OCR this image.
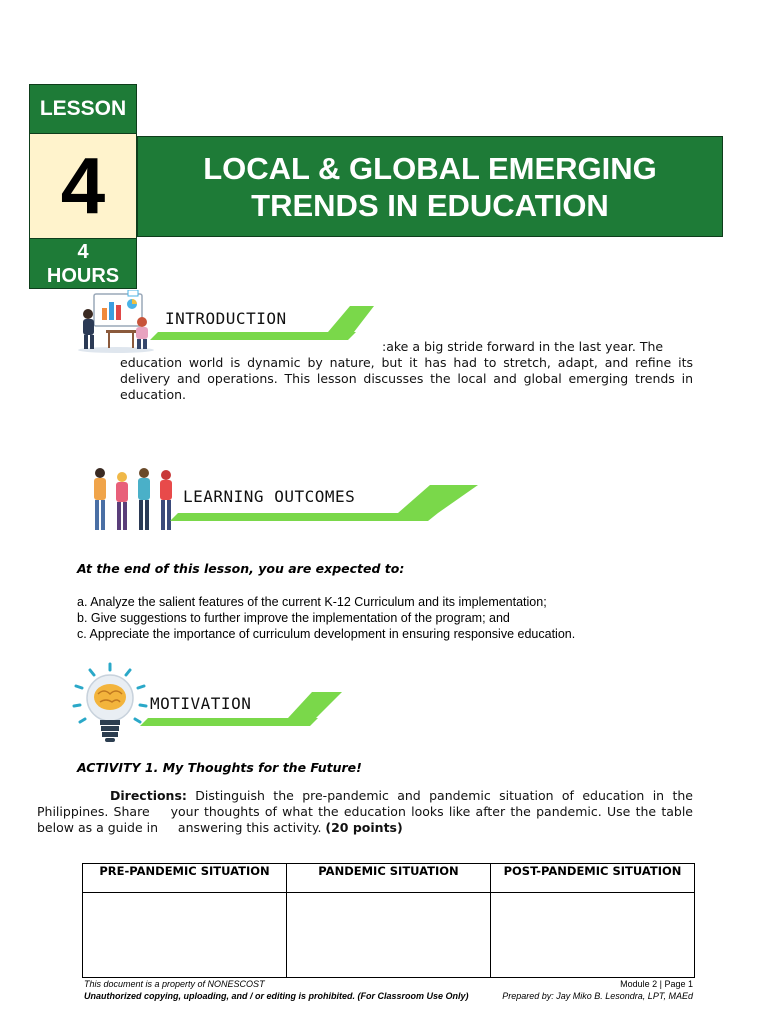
LESSON
4
4
HOURS
LOCAL & GLOBAL EMERGING
TRENDS IN EDUCATION
INTRODUCTION
:ake a big stride forward in the last year. The
education world is dynamic by nature, but it has had to stretch, adapt, and refine its delivery and operations. This lesson discusses the local and global emerging trends in education.
LEARNING OUTCOMES
At the end of this lesson, you are expected to:
a. Analyze the salient features of the current K-12 Curriculum and its implementation;
b. Give suggestions to further improve the implementation of the program; and
c. Appreciate the importance of curriculum development in ensuring responsive education.
MOTIVATION
ACTIVITY 1. My Thoughts for the Future!
Directions: Distinguish the pre-pandemic and pandemic situation of education in the Philippines. Share    your thoughts of what the education looks like after the pandemic. Use the table below as a guide in     answering this activity. (20 points)
PRE-PANDEMIC SITUATION	PANDEMIC SITUATION	POST-PANDEMIC SITUATION

This document is a property of NONESCOST
Unauthorized copying, uploading, and / or editing is prohibited. (For Classroom Use Only)
Module 2 | Page 1
Prepared by: Jay Miko B. Lesondra, LPT, MAEd
